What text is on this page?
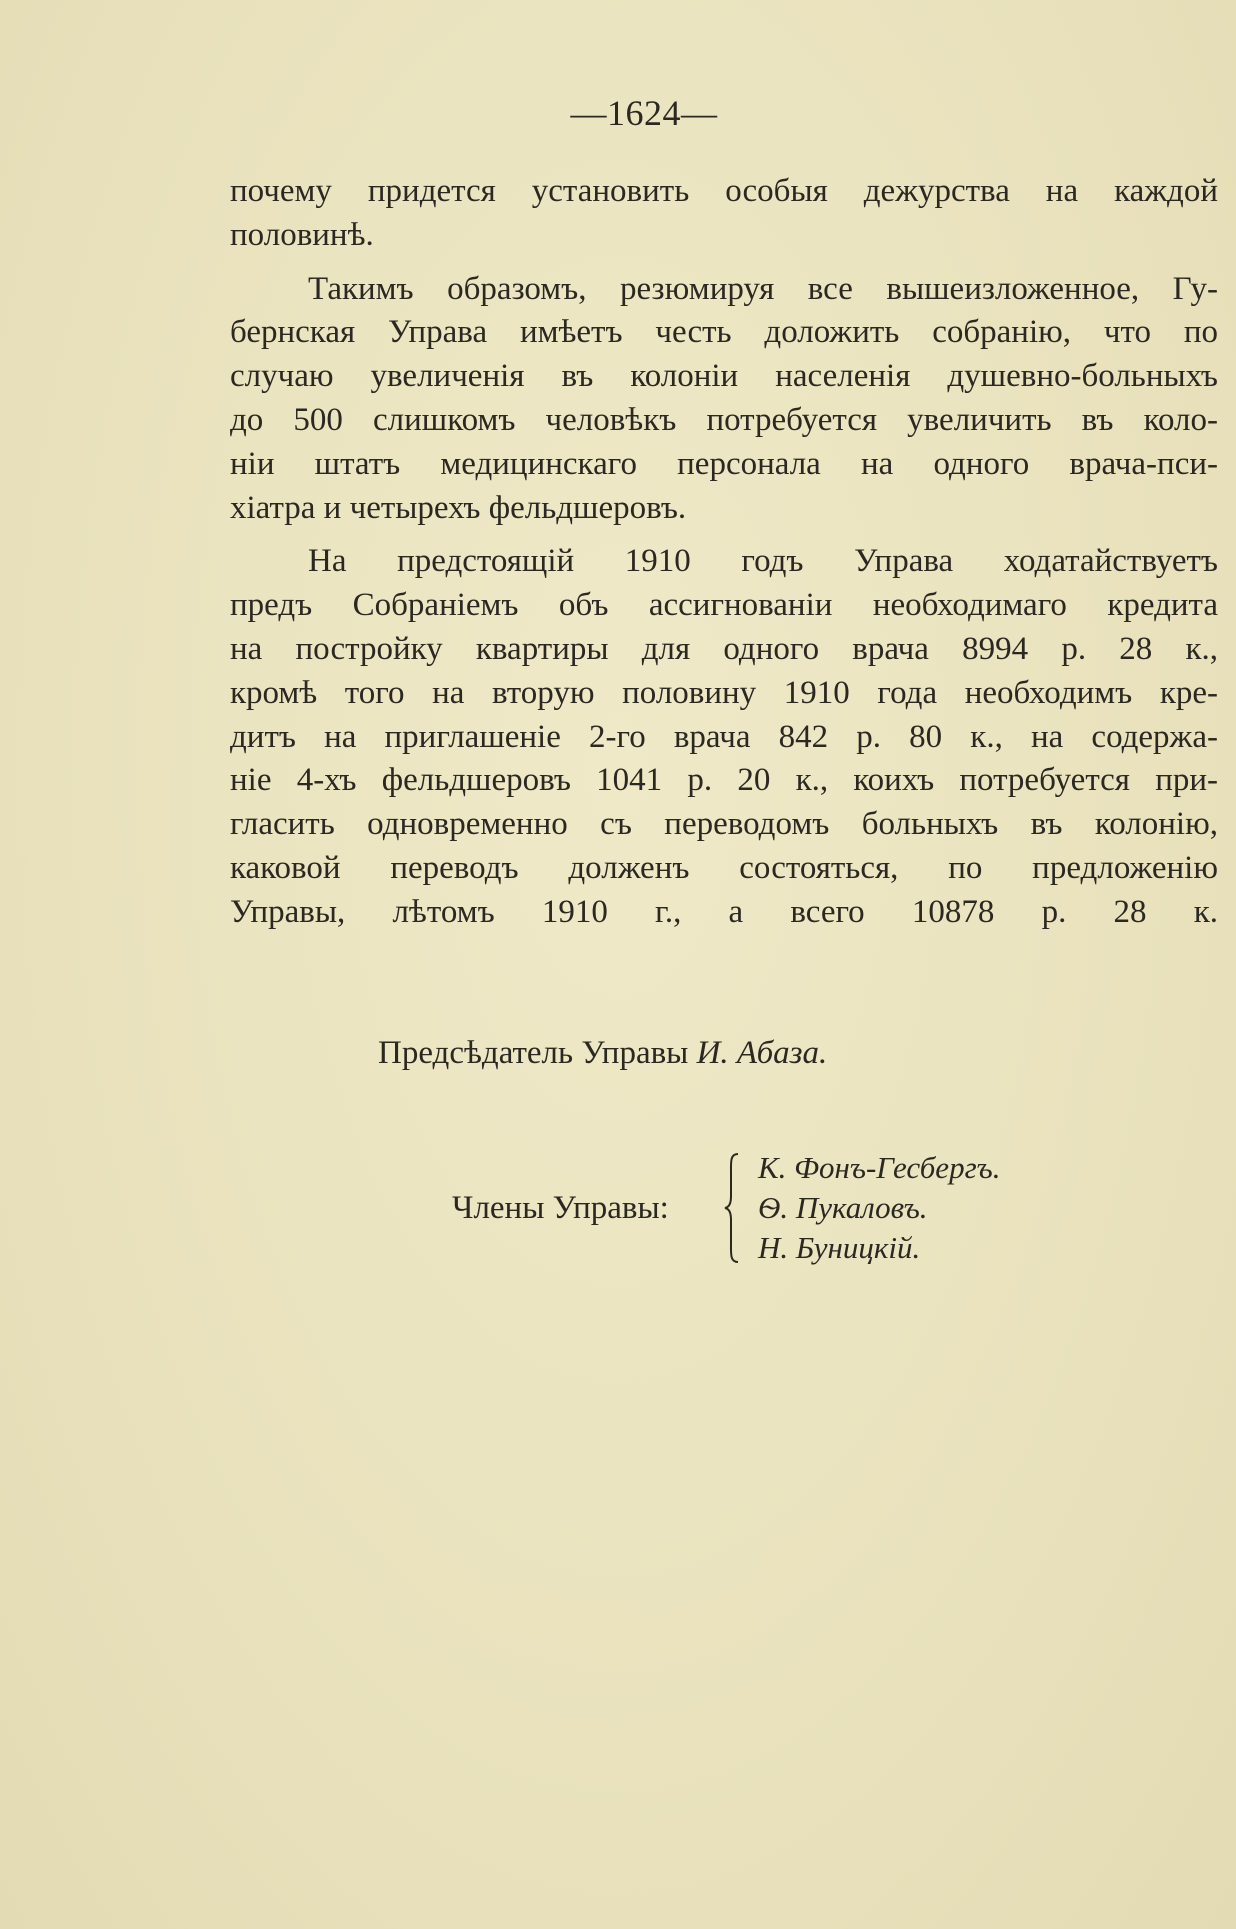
—1624—
почему придется установить особыя дежурства на каждой
половинѣ.
Такимъ образомъ, резюмируя все вышеизложенное, Гу-
бернская Управа имѣетъ честь доложить собранію, что по
случаю увеличенія въ колоніи населенія душевно-больныхъ
до 500 слишкомъ человѣкъ потребуется увеличить въ коло-
ніи штатъ медицинскаго персонала на одного врача-пси-
хіатра и четырехъ фельдшеровъ.
На предстоящій 1910 годъ Управа ходатайствуетъ
предъ Собраніемъ объ ассигнованіи необходимаго кредита
на постройку квартиры для одного врача 8994 р. 28 к.,
кромѣ того на вторую половину 1910 года необходимъ кре-
дитъ на приглашеніе 2-го врача 842 р. 80 к., на содержа-
ніе 4-хъ фельдшеровъ 1041 р. 20 к., коихъ потребуется при-
гласить одновременно съ переводомъ больныхъ въ колонію,
каковой переводъ долженъ состояться, по предложенію
Управы, лѣтомъ 1910 г., а всего 10878 р. 28 к.
Предсѣдатель Управы И. Абаза.
Члены Управы:
К. Фонъ-Гесбергъ.
Ѳ. Пукаловъ.
Н. Буницкій.
